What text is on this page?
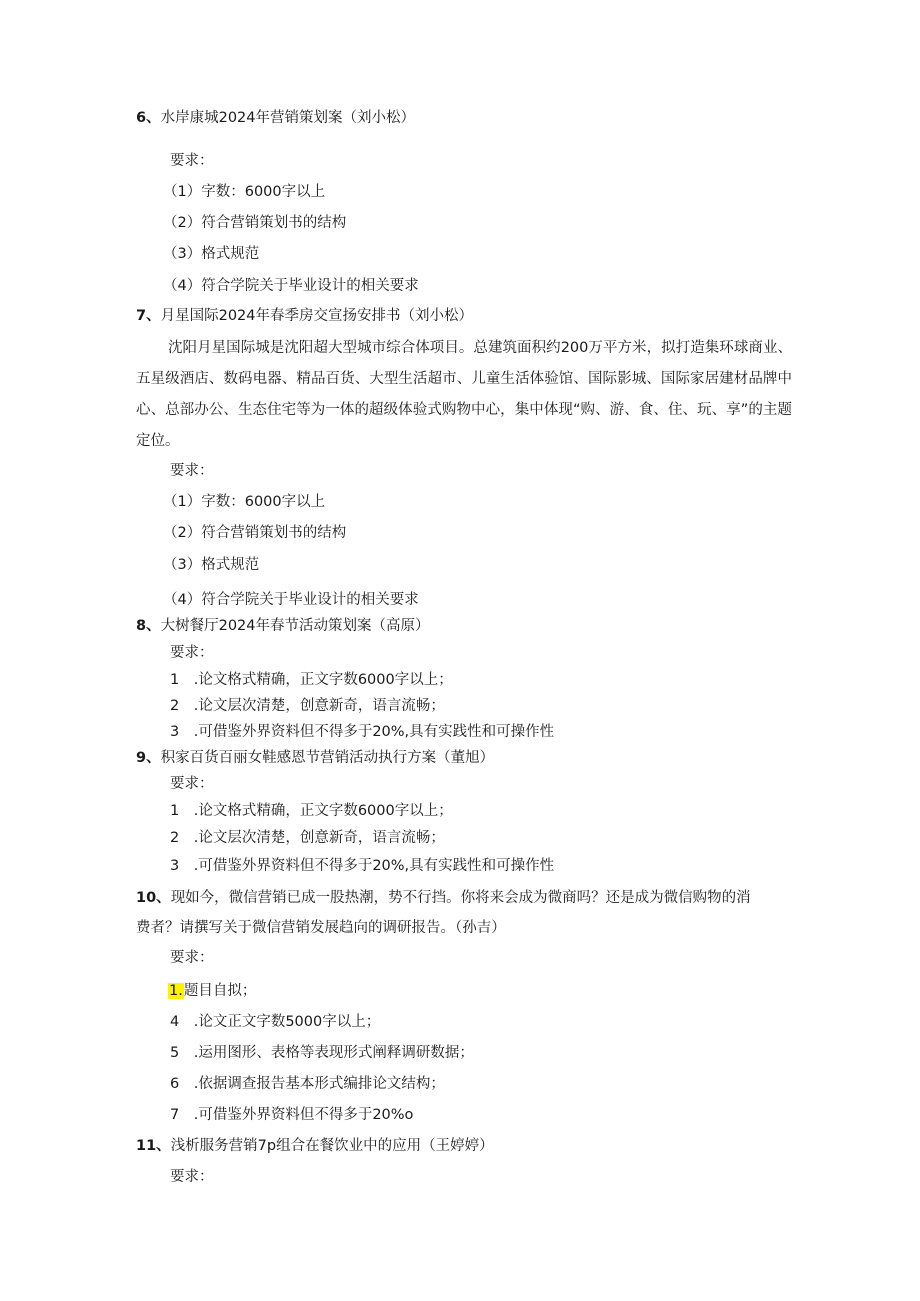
6、水岸康城2024年营销策划案（刘小松）
要求：
（1）字数：6000字以上
（2）符合营销策划书的结构
（3）格式规范
（4）符合学院关于毕业设计的相关要求
7、月星国际2024年春季房交宣扬安排书（刘小松）
沈阳月星国际城是沈阳超大型城市综合体项目。总建筑面积约200万平方米，拟打造集环球商业、五星级酒店、数码电器、精品百货、大型生活超市、儿童生活体验馆、国际影城、国际家居建材品牌中心、总部办公、生态住宅等为一体的超级体验式购物中心，集中体现“购、游、食、住、玩、享”的主题定位。
要求：
（1）字数：6000字以上
（2）符合营销策划书的结构
（3）格式规范
（4）符合学院关于毕业设计的相关要求
8、大树餐厅2024年春节活动策划案（高原）
要求：
1　.论文格式精确，正文字数6000字以上；
2　.论文层次清楚，创意新奇，语言流畅；
3　.可借鉴外界资料但不得多于20%,具有实践性和可操作性
9、积家百货百丽女鞋感恩节营销活动执行方案（董旭）
要求：
1　.论文格式精确，正文字数6000字以上；
2　.论文层次清楚，创意新奇，语言流畅；
3　.可借鉴外界资料但不得多于20%,具有实践性和可操作性
10、现如今，微信营销已成一股热潮，势不行挡。你将来会成为微商吗？还是成为微信购物的消
费者？请撰写关于微信营销发展趋向的调研报告。（孙吉）
要求：
1.题目自拟；
4　.论文正文字数5000字以上；
5　.运用图形、表格等表现形式阐释调研数据；
6　.依据调查报告基本形式编排论文结构；
7　.可借鉴外界资料但不得多于20%o
11、浅析服务营销7p组合在餐饮业中的应用（王婷婷）
要求：
